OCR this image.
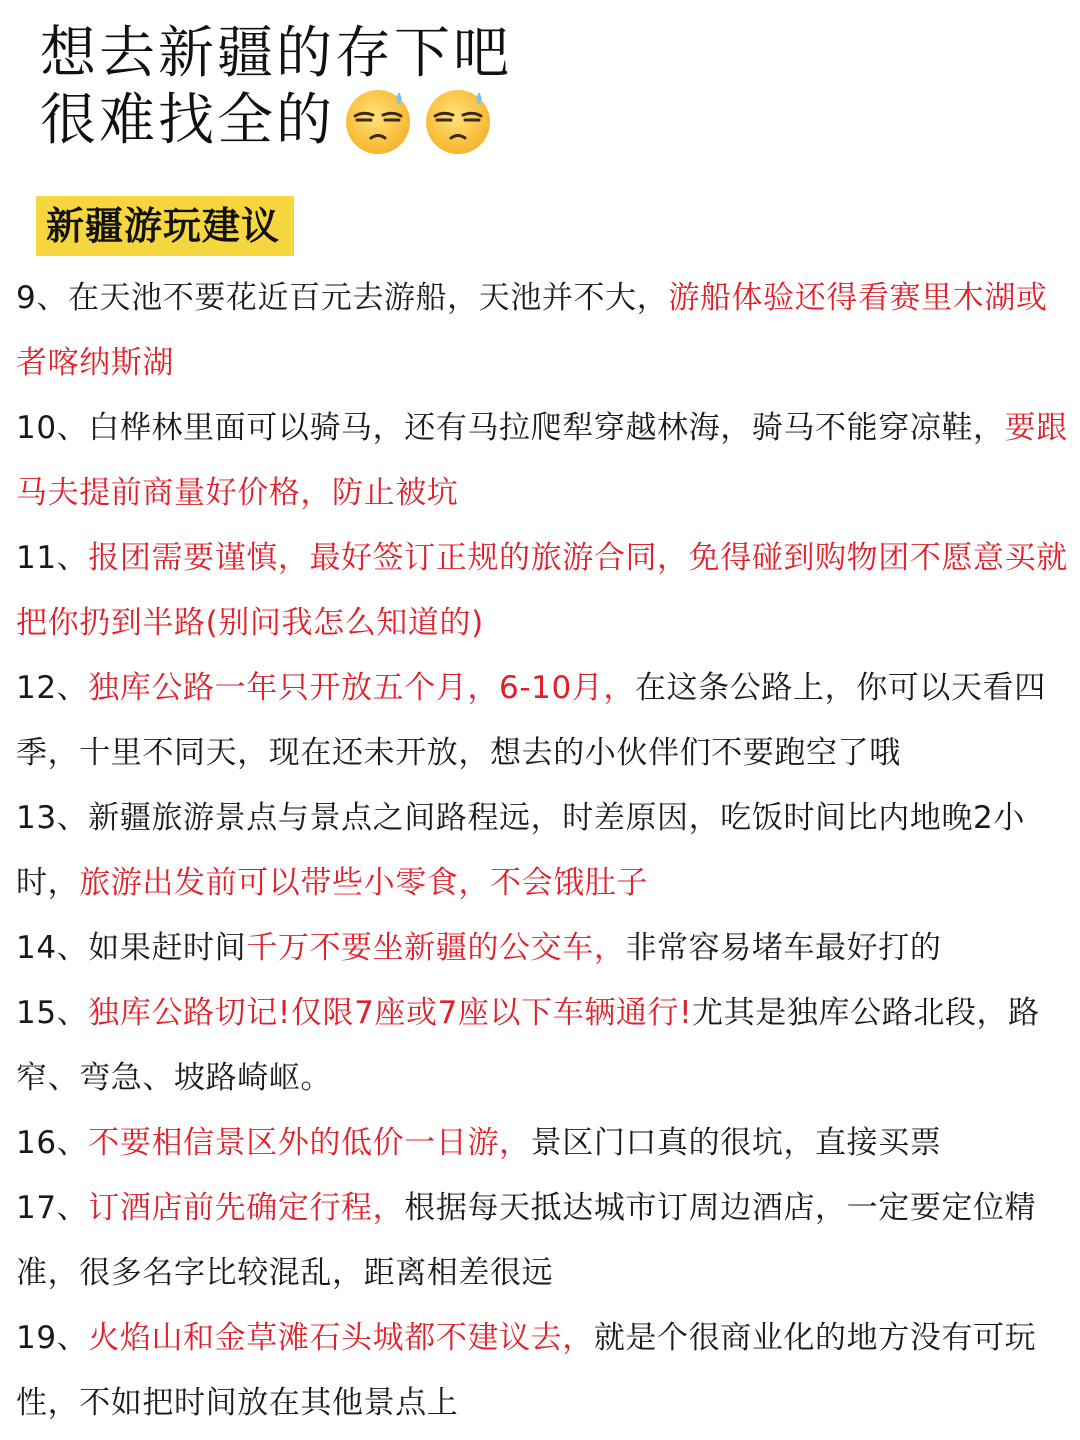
想去新疆的存下吧
很难找全的
新疆游玩建议
9、在天池不要花近百元去游船，天池并不大，游船体验还得看赛里木湖或者喀纳斯湖
10、白桦林里面可以骑马，还有马拉爬犁穿越林海，骑马不能穿凉鞋，要跟马夫提前商量好价格，防止被坑
11、报团需要谨慎，最好签订正规的旅游合同，免得碰到购物团不愿意买就把你扔到半路(别问我怎么知道的)
12、独库公路一年只开放五个月，6-10月，在这条公路上，你可以天看四季，十里不同天，现在还未开放，想去的小伙伴们不要跑空了哦
13、新疆旅游景点与景点之间路程远，时差原因，吃饭时间比内地晚2小时，旅游出发前可以带些小零食，不会饿肚子
14、如果赶时间千万不要坐新疆的公交车，非常容易堵车最好打的
15、独库公路切记!仅限7座或7座以下车辆通行!尤其是独库公路北段，路窄、弯急、坡路崎岖。
16、不要相信景区外的低价一日游，景区门口真的很坑，直接买票
17、订酒店前先确定行程，根据每天抵达城市订周边酒店，一定要定位精准，很多名字比较混乱，距离相差很远
19、火焰山和金草滩石头城都不建议去，就是个很商业化的地方没有可玩性，不如把时间放在其他景点上
